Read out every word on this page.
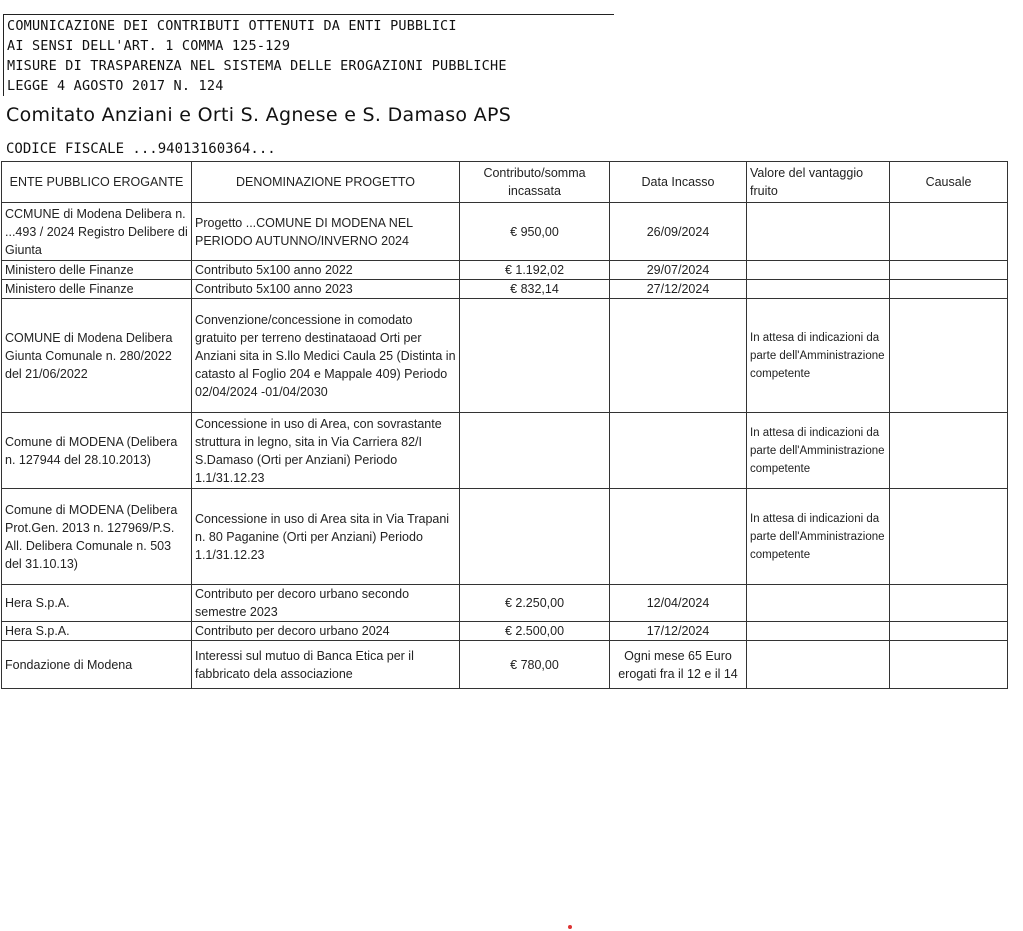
COMUNICAZIONE DEI CONTRIBUTI OTTENUTI DA ENTI PUBBLICI
AI SENSI DELL'ART. 1 COMMA 125-129
MISURE DI TRASPARENZA NEL SISTEMA DELLE EROGAZIONI PUBBLICHE
LEGGE 4 AGOSTO 2017 N. 124
Comitato Anziani e Orti S. Agnese e S. Damaso APS
CODICE FISCALE ...94013160364...
ENTE PUBBLICO EROGANTE	DENOMINAZIONE PROGETTO	Contributo/somma incassata	Data Incasso	Valore del vantaggio fruito	Causale
CCMUNE di Modena Delibera n. ...493 / 2024 Registro Delibere di Giunta	Progetto ...COMUNE DI MODENA NEL PERIODO AUTUNNO/INVERNO 2024	€ 950,00	26/09/2024		
Ministero delle Finanze	Contributo 5x100 anno 2022	€ 1.192,02	29/07/2024		
Ministero delle Finanze	Contributo 5x100 anno 2023	€ 832,14	27/12/2024		
COMUNE di Modena Delibera Giunta Comunale n. 280/2022 del 21/06/2022	Convenzione/concessione in comodato gratuito per terreno destinataoad Orti per Anziani sita in S.llo Medici Caula 25 (Distinta in catasto al Foglio 204 e Mappale 409) Periodo 02/04/2024 -01/04/2030			In attesa di indicazioni da parte dell'Amministrazione competente	
Comune di MODENA (Delibera n. 127944 del 28.10.2013)	Concessione in uso di Area, con sovrastante struttura in legno, sita in Via Carriera 82/I S.Damaso (Orti per Anziani) Periodo 1.1/31.12.23			In attesa di indicazioni da parte dell'Amministrazione competente	
Comune di MODENA (Delibera Prot.Gen. 2013 n. 127969/P.S. All. Delibera Comunale n. 503 del 31.10.13)	Concessione in uso di Area sita in Via Trapani n. 80 Paganine (Orti per Anziani) Periodo 1.1/31.12.23			In attesa di indicazioni da parte dell'Amministrazione competente	
Hera S.p.A.	Contributo per decoro urbano secondo semestre 2023	€ 2.250,00	12/04/2024		
Hera S.p.A.	Contributo per decoro urbano 2024	€ 2.500,00	17/12/2024		
Fondazione di Modena	Interessi sul mutuo di Banca Etica per il fabbricato dela associazione	€ 780,00	Ogni mese 65 Euro erogati fra il 12 e il 14		
